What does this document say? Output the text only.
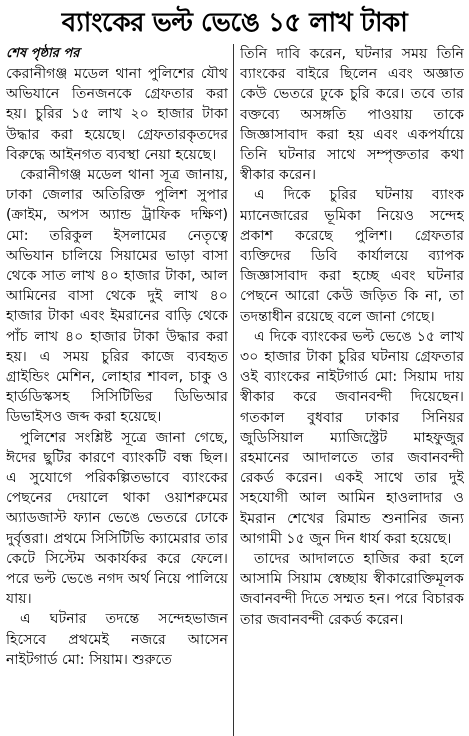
ব্যাংকের ভল্ট ভেঙে ১৫ লাখ টাকা

শেষ পৃষ্ঠার পর

কেরানীগঞ্জ মডেল থানা পুলিশের যৌথ অভিযানে তিনজনকে গ্রেফতার করা হয়। চুরির ১৫ লাখ ২০ হাজার টাকা উদ্ধার করা হয়েছে। গ্রেফতারকৃতদের বিরুদ্ধে আইনগত ব্যবস্থা নেয়া হয়েছে।

কেরানীগঞ্জ মডেল থানা সূত্র জানায়, ঢাকা জেলার অতিরিক্ত পুলিশ সুপার (ক্রাইম, অপস অ্যান্ড ট্রাফিক দক্ষিণ) মো: তরিকুল ইসলামের নেতৃত্বে অভিযান চালিয়ে সিয়ামের ভাড়া বাসা থেকে সাত লাখ ৪০ হাজার টাকা, আল আমিনের বাসা থেকে দুই লাখ ৪০ হাজার টাকা এবং ইমরানের বাড়ি থেকে পাঁচ লাখ ৪০ হাজার টাকা উদ্ধার করা হয়। এ সময় চুরির কাজে ব্যবহৃত গ্রাইন্ডিং মেশিন, লোহার শাবল, চাকু ও হার্ডডিস্কসহ সিসিটিভির ডিভিআর ডিভাইসও জব্দ করা হয়েছে।

পুলিশের সংশ্লিষ্ট সূত্রে জানা গেছে, ঈদের ছুটির কারণে ব্যাংকটি বন্ধ ছিল। এ সুযোগে পরিকল্পিতভাবে ব্যাংকের পেছনের দেয়ালে থাকা ওয়াশরুমের অ্যাডজাস্ট ফ্যান ভেঙে ভেতরে ঢোকে দুর্বৃত্তরা। প্রথমে সিসিটিভি ক্যামেরার তার কেটে সিস্টেম অকার্যকর করে ফেলে। পরে ভল্ট ভেঙে নগদ অর্থ নিয়ে পালিয়ে যায়।

এ ঘটনার তদন্তে সন্দেহভাজন হিসেবে প্রথমেই নজরে আসেন নাইটগার্ড মো: সিয়াম। শুরুতে

তিনি দাবি করেন, ঘটনার সময় তিনি ব্যাংকের বাইরে ছিলেন এবং অজ্ঞাত কেউ ভেতরে ঢুকে চুরি করে। তবে তার বক্তব্যে অসঙ্গতি পাওয়ায় তাকে জিজ্ঞাসাবাদ করা হয় এবং একপর্যায়ে তিনি ঘটনার সাথে সম্পৃক্ততার কথা স্বীকার করেন।

এ দিকে চুরির ঘটনায় ব্যাংক ম্যানেজারের ভূমিকা নিয়েও সন্দেহ প্রকাশ করেছে পুলিশ। গ্রেফতার ব্যক্তিদের ডিবি কার্যালয়ে ব্যাপক জিজ্ঞাসাবাদ করা হচ্ছে এবং ঘটনার পেছনে আরো কেউ জড়িত কি না, তা তদন্তাধীন রয়েছে বলে জানা গেছে।

এ দিকে ব্যাংকের ভল্ট ভেঙে ১৫ লাখ ৩০ হাজার টাকা চুরির ঘটনায় গ্রেফতার ওই ব্যাংকের নাইটগার্ড মো: সিয়াম দায় স্বীকার করে জবানবন্দী দিয়েছেন। গতকাল বুধবার ঢাকার সিনিয়র জুডিসিয়াল ম্যাজিস্ট্রেট মাহফুজুর রহমানের আদালতে তার জবানবন্দী রেকর্ড করেন। একই সাথে তার দুই সহযোগী আল আমিন হাওলাদার ও ইমরান শেখের রিমান্ড শুনানির জন্য আগামী ১৫ জুন দিন ধার্য করা হয়েছে।

তাদের আদালতে হাজির করা হলে আসামি সিয়াম স্বেচ্ছায় স্বীকারোক্তিমূলক জবানবন্দী দিতে সম্মত হন। পরে বিচারক তার জবানবন্দী রেকর্ড করেন।
